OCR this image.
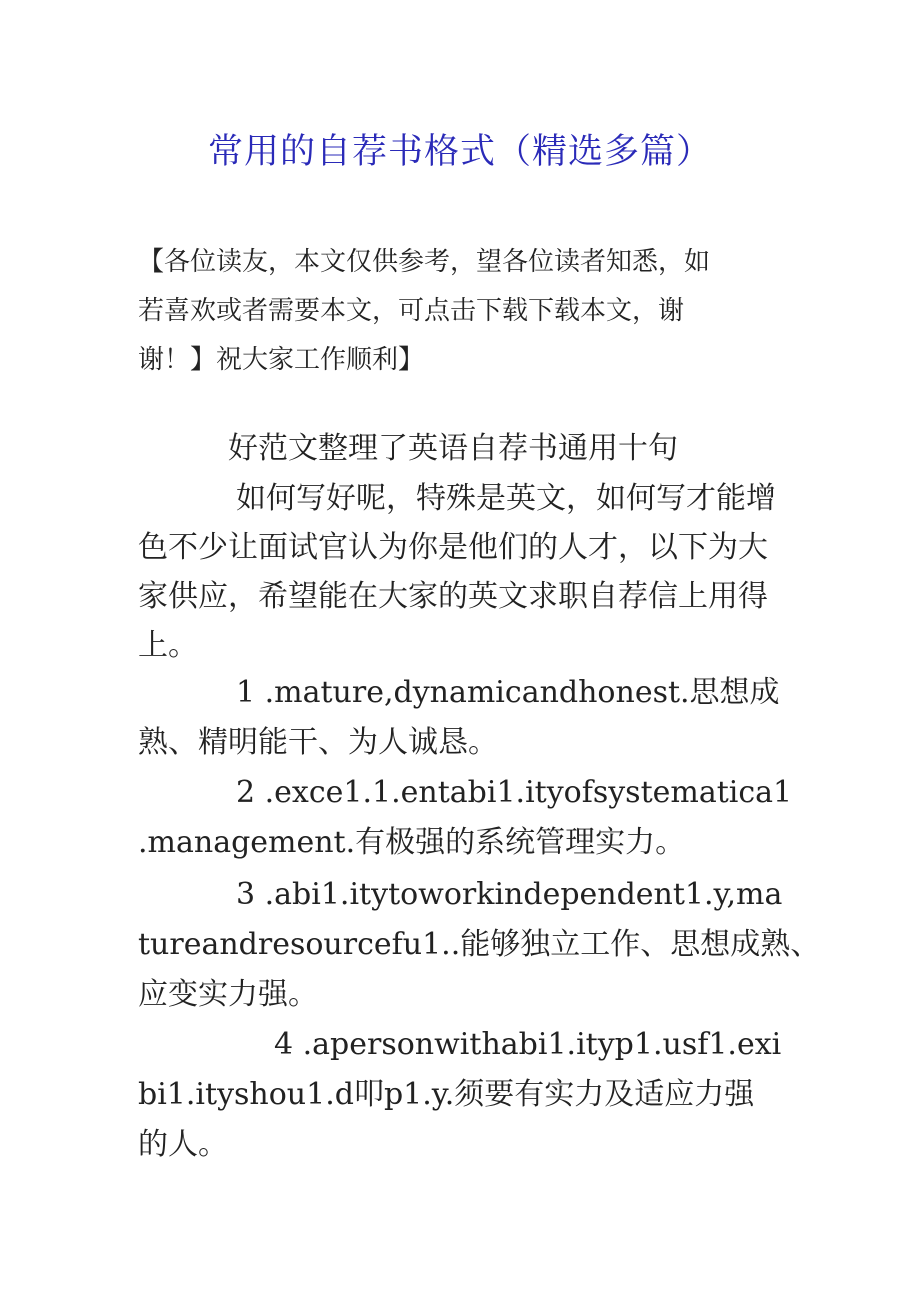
常用的自荐书格式（精选多篇）
【各位读友，本文仅供参考，望各位读者知悉，如
若喜欢或者需要本文，可点击下载下载本文，谢
谢！】祝大家工作顺利】
好范文整理了英语自荐书通用十句
如何写好呢，特殊是英文，如何写才能增
色不少让面试官认为你是他们的人才，以下为大
家供应，希望能在大家的英文求职自荐信上用得
上。
1 .mature,dynamicandhonest.思想成
熟、精明能干、为人诚恳。
2 .exce1.1.entabi1.ityofsystematica1
.management.有极强的系统管理实力。
3 .abi1.itytoworkindependent1.y,ma
tureandresourcefu1..能够独立工作、思想成熟、
应变实力强。
4 .apersonwithabi1.ityp1.usf1.exi
bi1.ityshou1.d叩p1.y.须要有实力及适应力强
的人。
